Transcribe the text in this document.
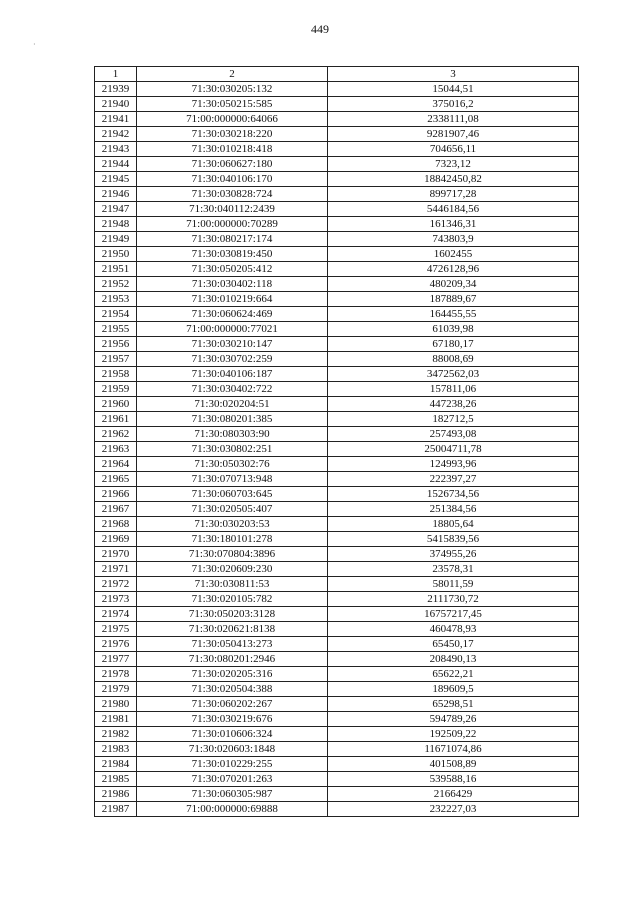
449
·
1	2	3
21939	71:30:030205:132	15044,51
21940	71:30:050215:585	375016,2
21941	71:00:000000:64066	2338111,08
21942	71:30:030218:220	9281907,46
21943	71:30:010218:418	704656,11
21944	71:30:060627:180	7323,12
21945	71:30:040106:170	18842450,82
21946	71:30:030828:724	899717,28
21947	71:30:040112:2439	5446184,56
21948	71:00:000000:70289	161346,31
21949	71:30:080217:174	743803,9
21950	71:30:030819:450	1602455
21951	71:30:050205:412	4726128,96
21952	71:30:030402:118	480209,34
21953	71:30:010219:664	187889,67
21954	71:30:060624:469	164455,55
21955	71:00:000000:77021	61039,98
21956	71:30:030210:147	67180,17
21957	71:30:030702:259	88008,69
21958	71:30:040106:187	3472562,03
21959	71:30:030402:722	157811,06
21960	71:30:020204:51	447238,26
21961	71:30:080201:385	182712,5
21962	71:30:080303:90	257493,08
21963	71:30:030802:251	25004711,78
21964	71:30:050302:76	124993,96
21965	71:30:070713:948	222397,27
21966	71:30:060703:645	1526734,56
21967	71:30:020505:407	251384,56
21968	71:30:030203:53	18805,64
21969	71:30:180101:278	5415839,56
21970	71:30:070804:3896	374955,26
21971	71:30:020609:230	23578,31
21972	71:30:030811:53	58011,59
21973	71:30:020105:782	2111730,72
21974	71:30:050203:3128	16757217,45
21975	71:30:020621:8138	460478,93
21976	71:30:050413:273	65450,17
21977	71:30:080201:2946	208490,13
21978	71:30:020205:316	65622,21
21979	71:30:020504:388	189609,5
21980	71:30:060202:267	65298,51
21981	71:30:030219:676	594789,26
21982	71:30:010606:324	192509,22
21983	71:30:020603:1848	11671074,86
21984	71:30:010229:255	401508,89
21985	71:30:070201:263	539588,16
21986	71:30:060305:987	2166429
21987	71:00:000000:69888	232227,03
